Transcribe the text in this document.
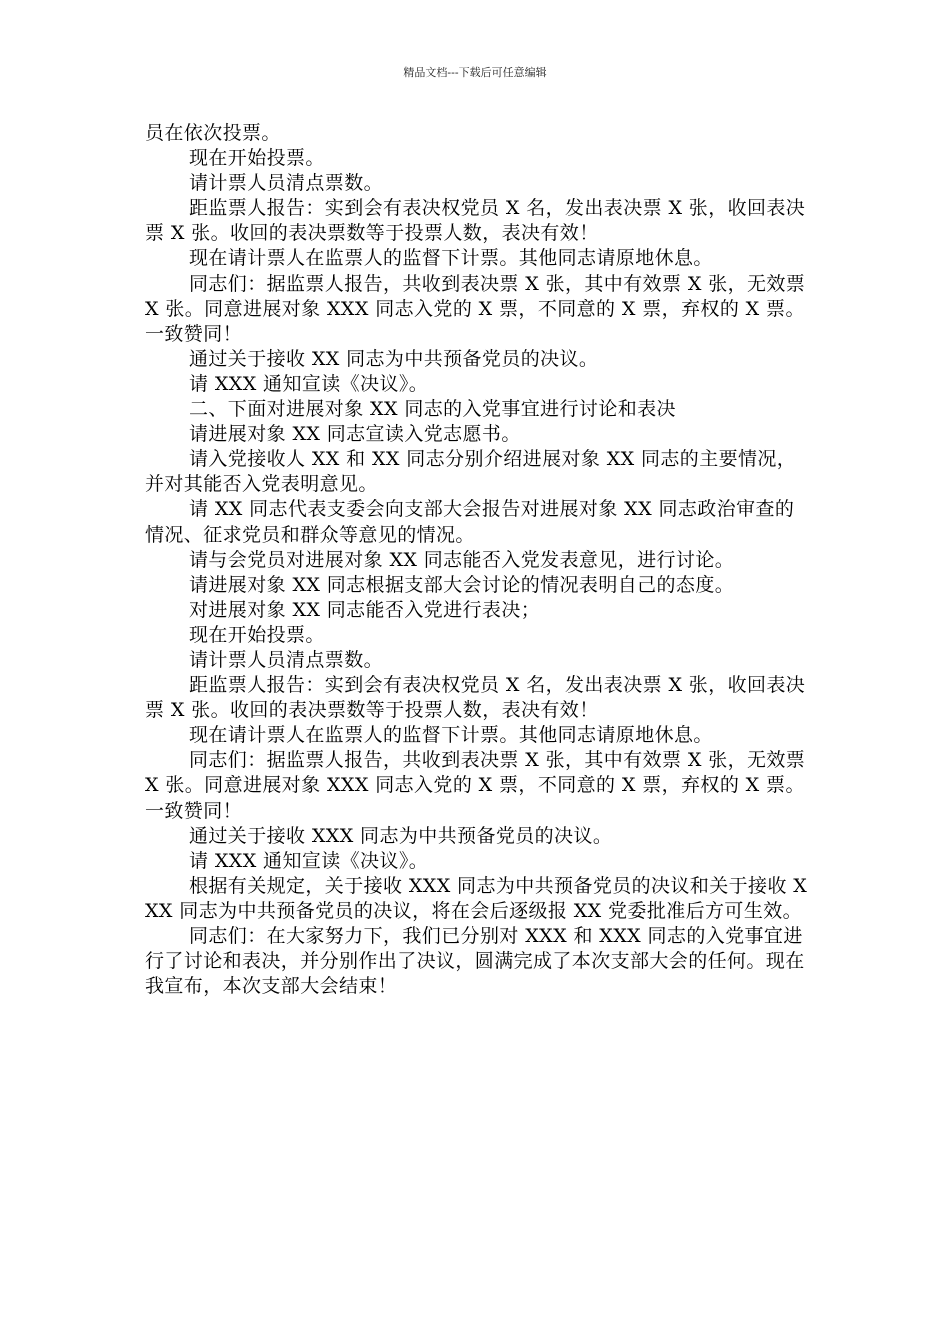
精品文档---下载后可任意编辑

员在依次投票。

现在开始投票。

请计票人员清点票数。

距监票人报告：实到会有表决权党员 X 名，发出表决票 X 张，收回表决票 X 张。收回的表决票数等于投票人数，表决有效！

现在请计票人在监票人的监督下计票。其他同志请原地休息。

同志们：据监票人报告，共收到表决票 X 张，其中有效票 X 张，无效票 X 张。同意进展对象 XXX 同志入党的 X 票，不同意的 X 票，弃权的 X 票。一致赞同！

通过关于接收 XX 同志为中共预备党员的决议。

请 XXX 通知宣读《决议》。

二、下面对进展对象 XX 同志的入党事宜进行讨论和表决

请进展对象 XX 同志宣读入党志愿书。

请入党接收人 XX 和 XX 同志分别介绍进展对象 XX 同志的主要情况，并对其能否入党表明意见。

请 XX 同志代表支委会向支部大会报告对进展对象 XX 同志政治审查的情况、征求党员和群众等意见的情况。

请与会党员对进展对象 XX 同志能否入党发表意见，进行讨论。

请进展对象 XX 同志根据支部大会讨论的情况表明自己的态度。

对进展对象 XX 同志能否入党进行表决；

现在开始投票。

请计票人员清点票数。

距监票人报告：实到会有表决权党员 X 名，发出表决票 X 张，收回表决票 X 张。收回的表决票数等于投票人数，表决有效！

现在请计票人在监票人的监督下计票。其他同志请原地休息。

同志们：据监票人报告，共收到表决票 X 张，其中有效票 X 张，无效票 X 张。同意进展对象 XXX 同志入党的 X 票，不同意的 X 票，弃权的 X 票。一致赞同！

通过关于接收 XXX 同志为中共预备党员的决议。

请 XXX 通知宣读《决议》。

根据有关规定，关于接收 XXX 同志为中共预备党员的决议和关于接收 XXX 同志为中共预备党员的决议，将在会后逐级报 XX 党委批准后方可生效。

同志们：在大家努力下，我们已分别对 XXX 和 XXX 同志的入党事宜进行了讨论和表决，并分别作出了决议，圆满完成了本次支部大会的任何。现在我宣布，本次支部大会结束！
